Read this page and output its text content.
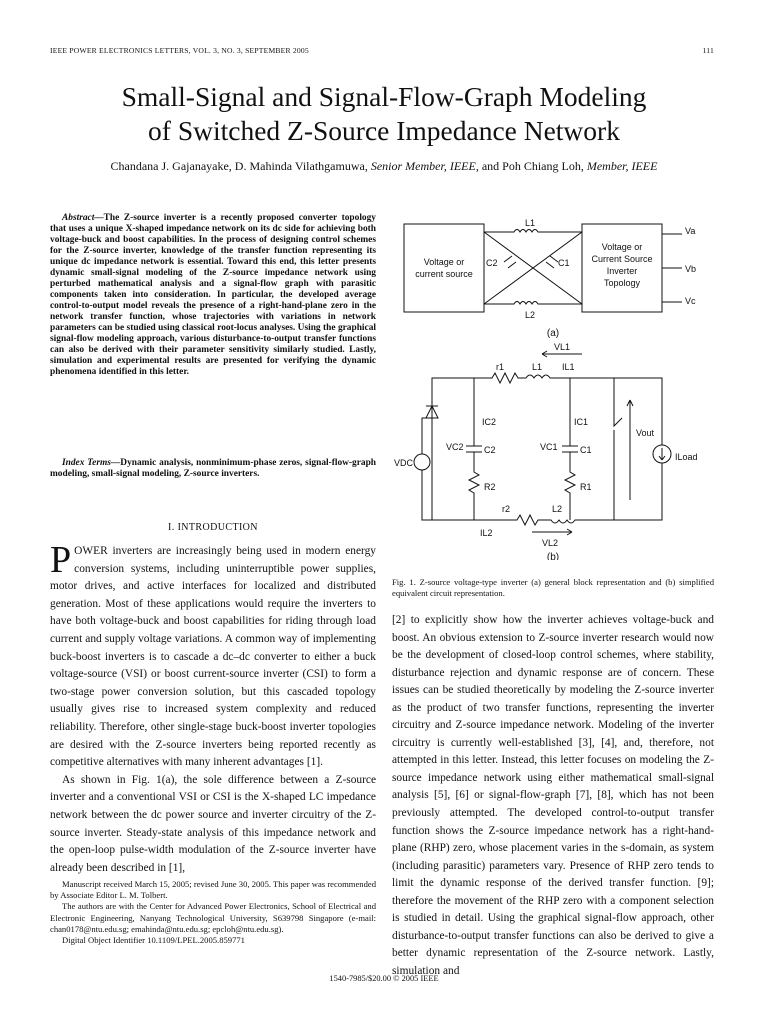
IEEE POWER ELECTRONICS LETTERS, VOL. 3, NO. 3, SEPTEMBER 2005	111
Small-Signal and Signal-Flow-Graph Modeling
of Switched Z-Source Impedance Network
Chandana J. Gajanayake, D. Mahinda Vilathgamuwa, Senior Member, IEEE, and Poh Chiang Loh, Member, IEEE
Abstract—The Z-source inverter is a recently proposed converter topology that uses a unique X-shaped impedance network on its dc side for achieving both voltage-buck and boost capabilities. In the process of designing control schemes for the Z-source inverter, knowledge of the transfer function representing its unique dc impedance network is essential. Toward this end, this letter presents dynamic small-signal modeling of the Z-source impedance network using perturbed mathematical analysis and a signal-flow graph with parasitic components taken into consideration. In particular, the developed average control-to-output model reveals the presence of a right-hand-plane zero in the network transfer function, whose trajectories with variations in network parameters can be studied using classical root-locus analyses. Using the graphical signal-flow modeling approach, various disturbance-to-output transfer functions can also be derived with their parameter sensitivity similarly studied. Lastly, simulation and experimental results are presented for verifying the dynamic phenomena identified in this letter.
Index Terms—Dynamic analysis, nonminimum-phase zeros, signal-flow-graph modeling, small-signal modeling, Z-source inverters.
I. INTRODUCTION

POWER inverters are increasingly being used in modern energy conversion systems, including uninterruptible power supplies, motor drives, and active interfaces for localized and distributed generation. Most of these applications would require the inverters to have both voltage-buck and boost capabilities for riding through load current and supply voltage variations. A common way of implementing buck-boost inverters is to cascade a dc–dc converter to either a buck voltage-source (VSI) or boost current-source inverter (CSI) to form a two-stage power conversion solution, but this cascaded topology usually gives rise to increased system complexity and reduced reliability. Therefore, other single-stage buck-boost inverter topologies are desired with the Z-source inverters being reported recently as competitive alternatives with many inherent advantages [1].

As shown in Fig. 1(a), the sole difference between a Z-source inverter and a conventional VSI or CSI is the X-shaped LC impedance network between the dc power source and inverter circuitry of the Z-source inverter. Steady-state analysis of this impedance network and the open-loop pulse-width modulation of the Z-source inverter have already been described in [1],

Manuscript received March 15, 2005; revised June 30, 2005. This paper was recommended by Associate Editor L. M. Tolbert.

The authors are with the Center for Advanced Power Electronics, School of Electrical and Electronic Engineering, Nanyang Technological University, S639798 Singapore (e-mail: chan0178@ntu.edu.sg; emahinda@ntu.edu.sg; epcloh@ntu.edu.sg).

Digital Object Identifier 10.1109/LPEL.2005.859771

Voltage or
current source
Voltage or
Current Source
Inverter
Topology
L1
L2
C2	C1
Va
Vb
Vc
(a)
VDC
C2	C1
VC2	VC1
IC2	IC1
R2	R1
r1	L1 IL1
VL1
r2	L2
IL2
VL2
Vout
ILoad
(b)
Fig. 1. Z-source voltage-type inverter (a) general block representation and (b) simplified equivalent circuit representation.
[2] to explicitly show how the inverter achieves voltage-buck and boost. An obvious extension to Z-source inverter research would now be the development of closed-loop control schemes, where stability, disturbance rejection and dynamic response are of concern. These issues can be studied theoretically by modeling the Z-source inverter as the product of two transfer functions, representing the inverter circuitry and Z-source impedance network. Modeling of the inverter circuitry is currently well-established [3], [4], and, therefore, not attempted in this letter. Instead, this letter focuses on modeling the Z-source impedance network using either mathematical small-signal analysis [5], [6] or signal-flow-graph [7], [8], which has not been previously attempted. The developed control-to-output transfer function shows the Z-source impedance network has a right-hand-plane (RHP) zero, whose placement varies in the s-domain, as system (including parasitic) parameters vary. Presence of RHP zero tends to limit the dynamic response of the derived transfer function. [9]; therefore the movement of the RHP zero with a component selection is studied in detail. Using the graphical signal-flow approach, other disturbance-to-output transfer functions can also be derived to give a better dynamic representation of the Z-source network. Lastly, simulation and
1540-7985/$20.00 © 2005 IEEE
